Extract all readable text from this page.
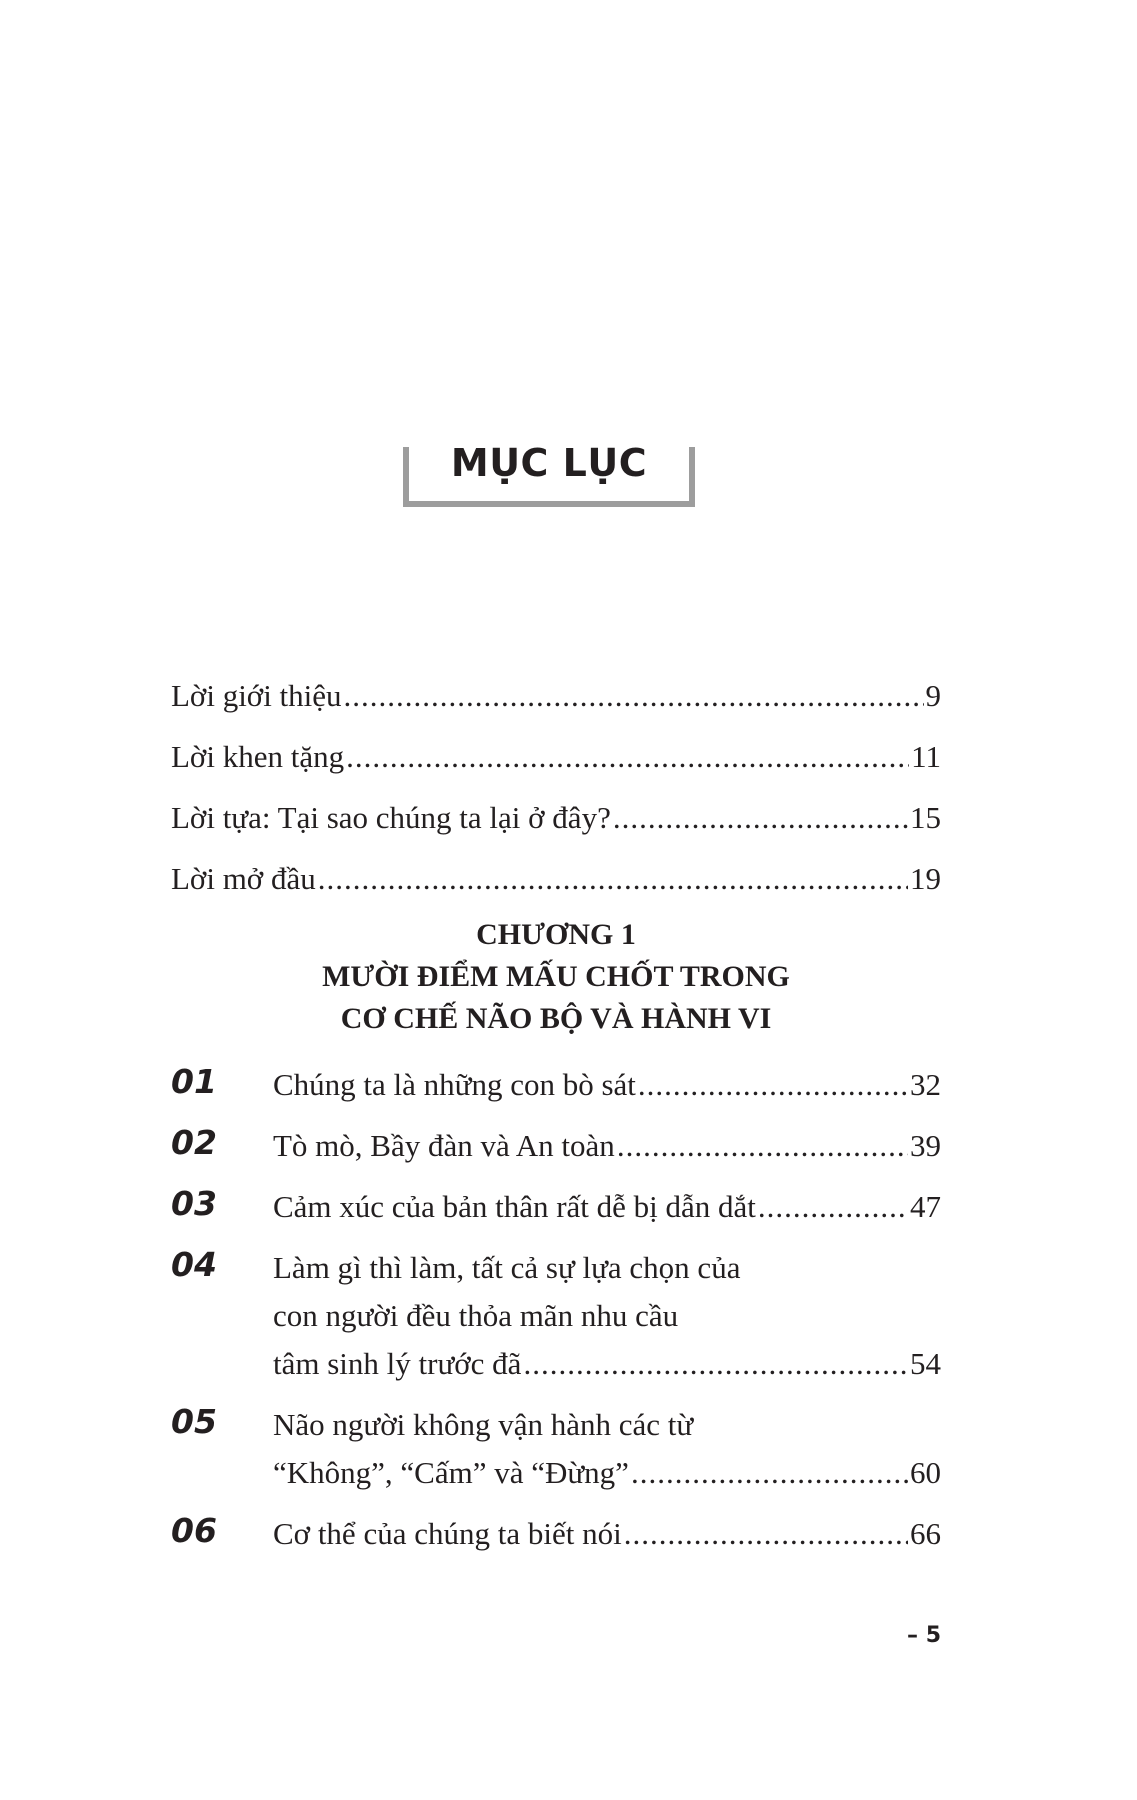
MỤC LỤC
Lời giới thiệu .....	9
Lời khen tặng .....	11
Lời tựa: Tại sao chúng ta lại ở đây? .....	15
Lời mở đầu .....	19
CHƯƠNG 1
MƯỜI ĐIỂM MẤU CHỐT TRONG
CƠ CHẾ NÃO BỘ VÀ HÀNH VI
01 Chúng ta là những con bò sát .....	32
02 Tò mò, Bầy đàn và An toàn .....	39
03 Cảm xúc của bản thân rất dễ bị dẫn dắt .....	47
04 Làm gì thì làm, tất cả sự lựa chọn của
con người đều thỏa mãn nhu cầu
tâm sinh lý trước đã .....	54
05 Não người không vận hành các từ
“Không”, “Cấm” và “Đừng” .....	60
06 Cơ thể của chúng ta biết nói .....	66
– 5
